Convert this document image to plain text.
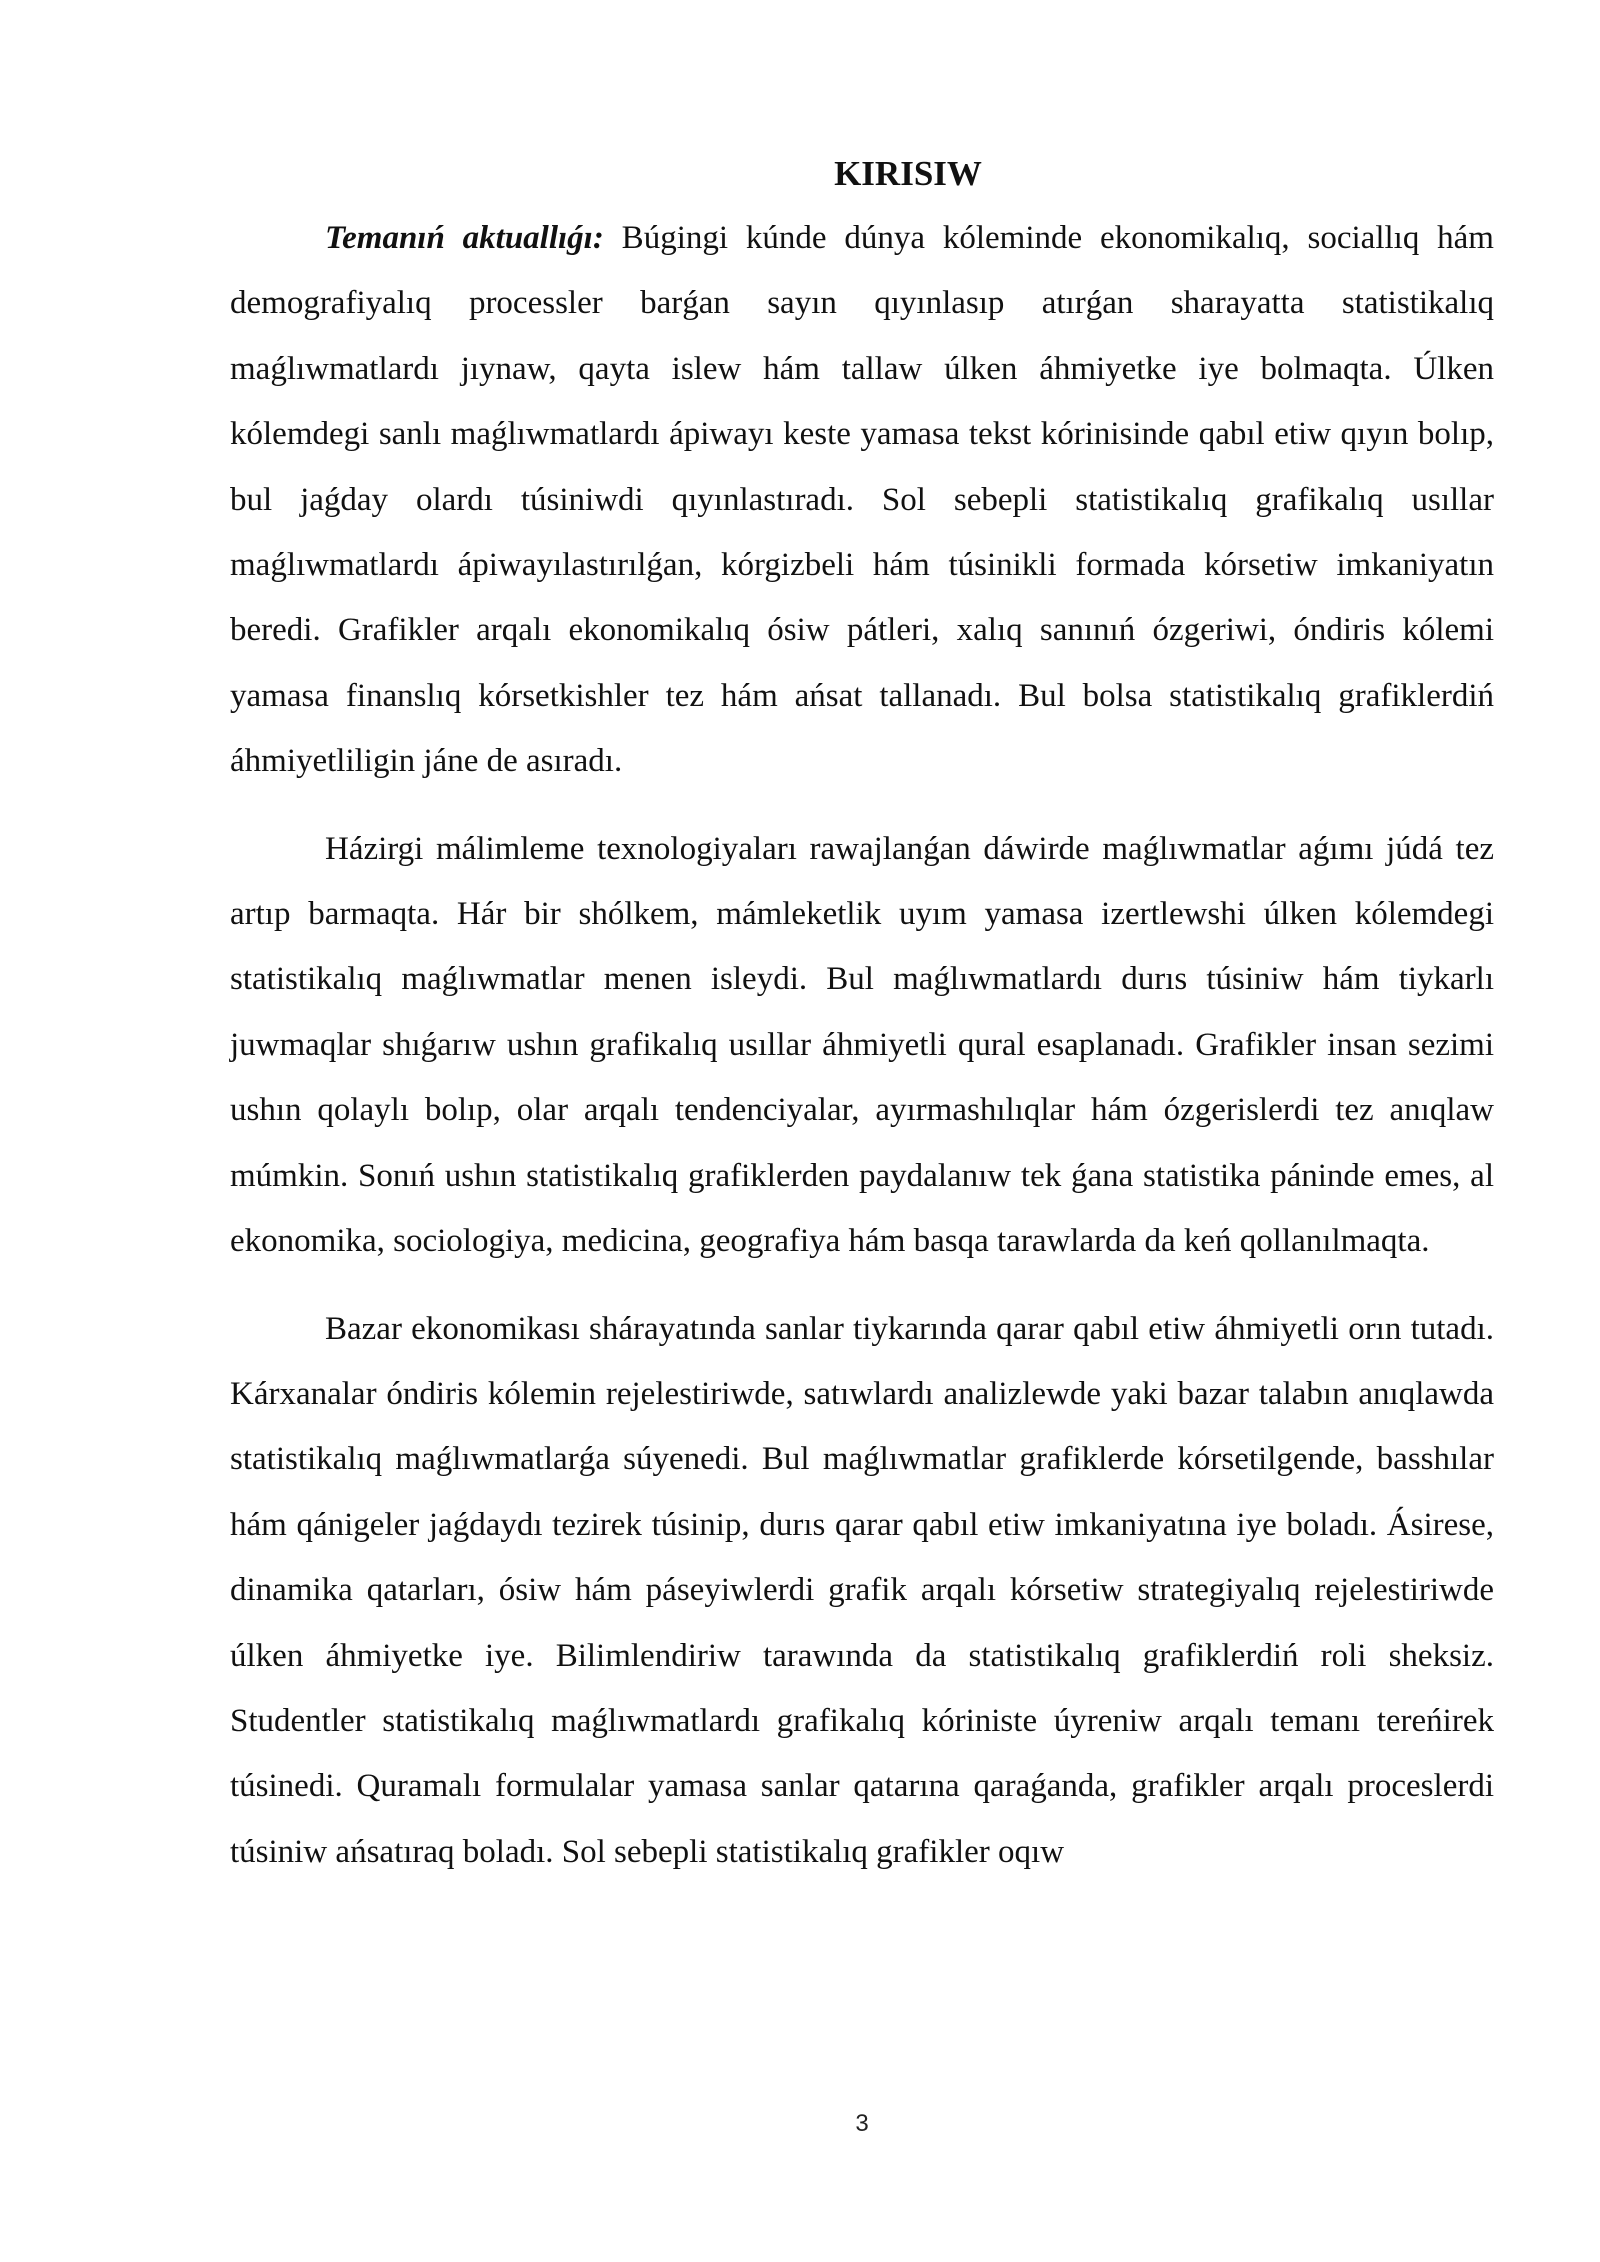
KIRISIW

Temanıń aktuallıǵı: Búgingi kúnde dúnya kóleminde ekonomikalıq, sociallıq hám demografiyalıq processler barǵan sayın qıyınlasıp atırǵan sharayatta statistikalıq maǵlıwmatlardı jıynaw, qayta islew hám tallaw úlken áhmiyetke iye bolmaqta. Úlken kólemdegi sanlı maǵlıwmatlardı ápiwayı keste yamasa tekst kórinisinde qabıl etiw qıyın bolıp, bul jaǵday olardı túsiniwdi qıyınlastıradı. Sol sebepli statistikalıq grafikalıq usıllar maǵlıwmatlardı ápiwayılastırılǵan, kórgizbeli hám túsinikli formada kórsetiw imkaniyatın beredi. Grafikler arqalı ekonomikalıq ósiw pátleri, xalıq sanınıń ózgeriwi, óndiris kólemi yamasa finanslıq kórsetkishler tez hám ańsat tallanadı. Bul bolsa statistikalıq grafiklerdiń áhmiyetliligin jáne de asıradı.

Házirgi málimleme texnologiyaları rawajlanǵan dáwirde maǵlıwmatlar aǵımı júdá tez artıp barmaqta. Hár bir shólkem, mámleketlik uyım yamasa izertlewshi úlken kólemdegi statistikalıq maǵlıwmatlar menen isleydi. Bul maǵlıwmatlardı durıs túsiniw hám tiykarlı juwmaqlar shıǵarıw ushın grafikalıq usıllar áhmiyetli qural esaplanadı. Grafikler insan sezimi ushın qolaylı bolıp, olar arqalı tendenciyalar, ayırmashılıqlar hám ózgerislerdi tez anıqlaw múmkin. Sonıń ushın statistikalıq grafiklerden paydalanıw tek ǵana statistika páninde emes, al ekonomika, sociologiya, medicina, geografiya hám basqa tarawlarda da keń qollanılmaqta.

Bazar ekonomikası shárayatında sanlar tiykarında qarar qabıl etiw áhmiyetli orın tutadı. Kárxanalar óndiris kólemin rejelestiriwde, satıwlardı analizlewde yaki bazar talabın anıqlawda statistikalıq maǵlıwmatlarǵa súyenedi. Bul maǵlıwmatlar grafiklerde kórsetilgende, basshılar hám qánigeler jaǵdaydı tezirek túsinip, durıs qarar qabıl etiw imkaniyatına iye boladı. Ásirese, dinamika qatarları, ósiw hám páseyiwlerdi grafik arqalı kórsetiw strategiyalıq rejelestiriwde úlken áhmiyetke iye. Bilimlendiriw tarawında da statistikalıq grafiklerdiń roli sheksiz. Studentler statistikalıq maǵlıwmatlardı grafikalıq kóriniste úyreniw arqalı temanı tereńirek túsinedi. Quramalı formulalar yamasa sanlar qatarına qaraǵanda, grafikler arqalı proceslerdi túsiniw ańsatıraq boladı. Sol sebepli statistikalıq grafikler oqıw

3
